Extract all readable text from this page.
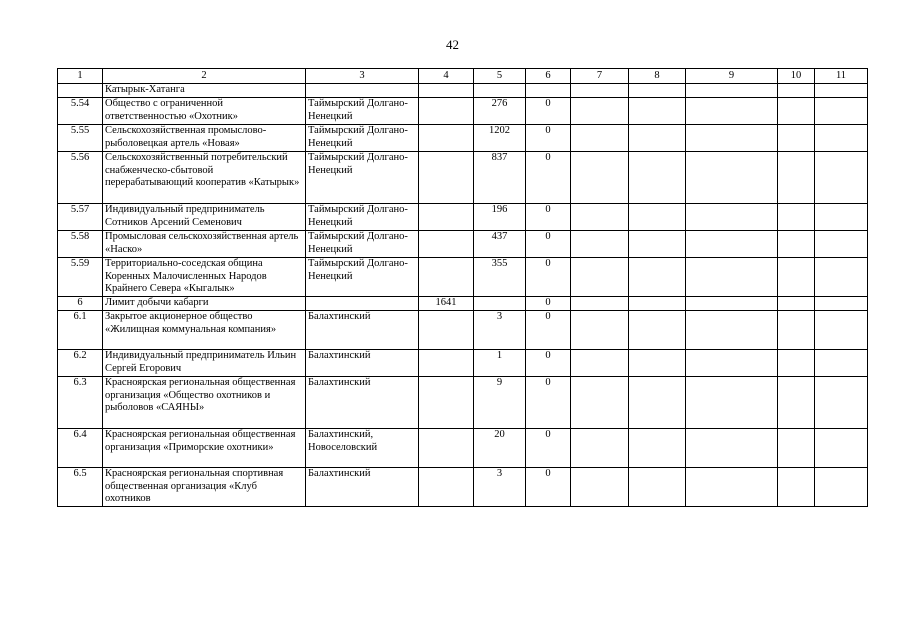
42
1	2	3	4	5	6	7	8	9	10	11
	Катырык-Хатанга									
5.54	Общество с ограниченной ответственностью «Охотник»	Таймырский Долгано-Ненецкий		276	0					
5.55	Сельскохозяйственная промыслово-рыболовецкая артель «Новая»	Таймырский Долгано-Ненецкий		1202	0					
5.56	Сельскохозяйственный потребительский снабженческо-сбытовой перерабатывающий кооператив «Катырык»	Таймырский Долгано-Ненецкий		837	0					
5.57	Индивидуальный предприниматель Сотников Арсений Семенович	Таймырский Долгано-Ненецкий		196	0					
5.58	Промысловая сельскохозяйственная артель «Наско»	Таймырский Долгано-Ненецкий		437	0					
5.59	Территориально-соседская община Коренных Малочисленных Народов Крайнего Севера «Кыгалык»	Таймырский Долгано-Ненецкий		355	0					
6	Лимит добычи кабарги		1641		0					
6.1	Закрытое акционерное общество «Жилищная коммунальная компания»	Балахтинский		3	0					
6.2	Индивидуальный предприниматель Ильин Сергей Егорович	Балахтинский		1	0					
6.3	Красноярская региональная общественная организация «Общество охотников и рыболовов «САЯНЫ»	Балахтинский		9	0					
6.4	Красноярская региональная общественная организация «Приморские охотники»	Балахтинский, Новоселовский		20	0					
6.5	Красноярская региональная спортивная общественная организация «Клуб охотников	Балахтинский		3	0					
